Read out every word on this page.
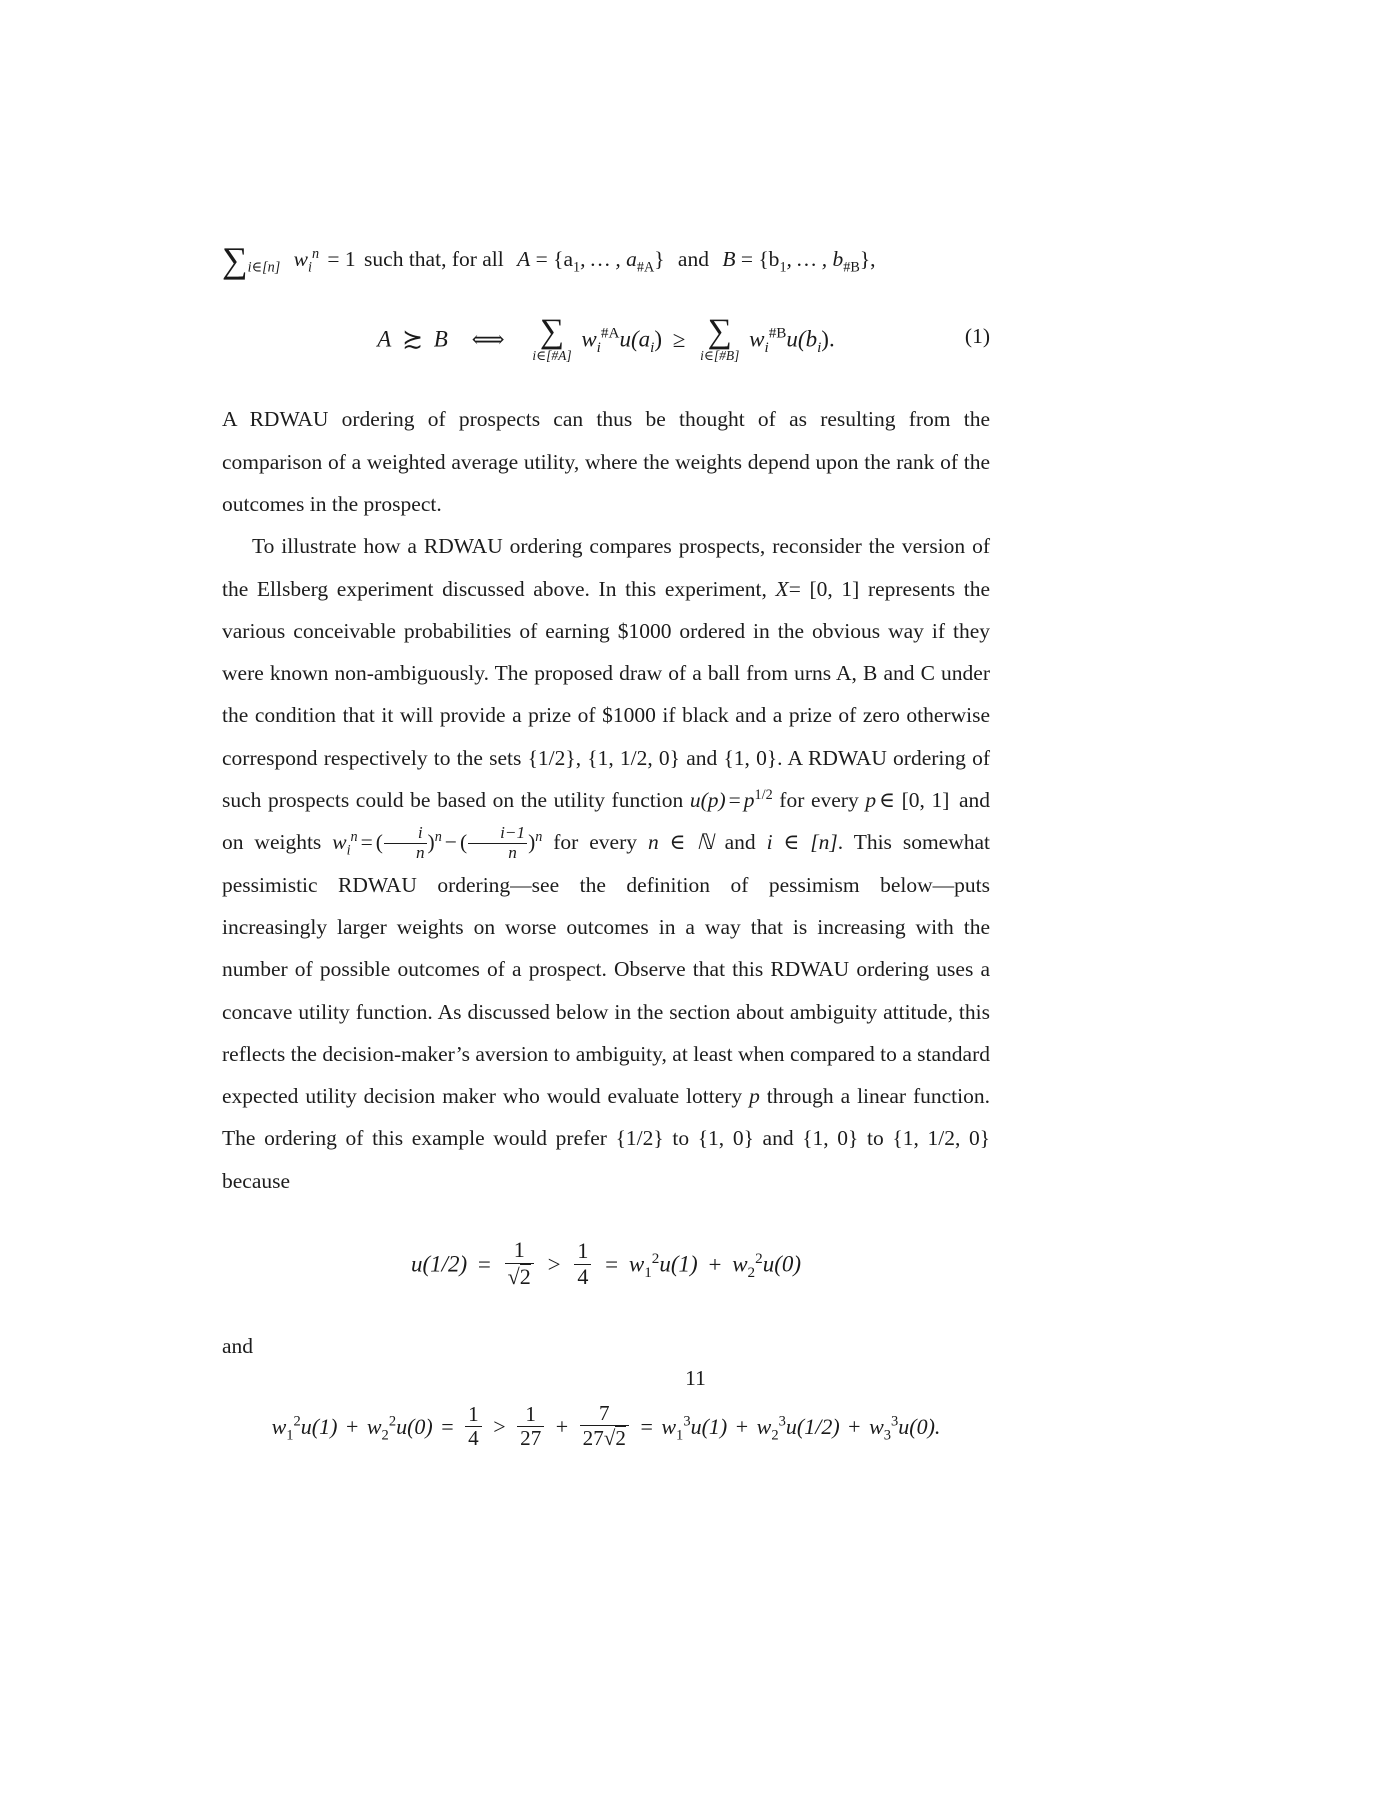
$\sum_{i\in[n]}$ $w_i^n = 1$ such that, for all $A = \{a_1$, … , $a_{\#A}$} and $B = \{b_1$, … , $b_{\#B}$},
A ≿ B ⟺ ∑
i∈[#A]
$w_i^{\#A}u(a_i)$ ≥ ∑
i∈[#B]
$w_i^{\#B}u(b_i)$.	(1)

A RDWAU ordering of prospects can thus be thought of as resulting from the comparison of a weighted average utility, where the weights depend upon the rank of the outcomes in the prospect.

To illustrate how a RDWAU ordering compares prospects, reconsider the version of the Ellsberg experiment discussed above. In this experiment, X= [0, 1] represents the various conceivable probabilities of earning $1000 ordered in the obvious way if they were known non-ambiguously. The proposed draw of a ball from urns A, B and C under the condition that it will provide a prize of $1000 if black and a prize of zero otherwise correspond respectively to the sets {1/2}, {1, 1/2, 0} and {1, 0}. A RDWAU ordering of such prospects could be based on the utility function $u(p) = p^{1/2}$ for every p ∈ [0, 1] and on weights $w_i^n$ = ( $\frac{i}{n} )^n$ − ( $\frac{i-1}{n} )^n$ for every n ∈ ℕ and i ∈ [n]. This somewhat pessimistic RDWAU ordering—see the definition of pessimism below—puts increasingly larger weights on worse outcomes in a way that is increasing with the number of possible outcomes of a prospect. Observe that this RDWAU ordering uses a concave utility function. As discussed below in the section about ambiguity attitude, this reflects the decision-maker’s aversion to ambiguity, at least when compared to a standard expected utility decision maker who would evaluate lottery p through a linear function. The ordering of this example would prefer {1/2} to {1, 0} and {1, 0} to {1, 1/2, 0} because

$u(1/2) = \frac{1}{√2} > \frac{1}{4} = w_1^2u(1) + w_2^2u(0)$

and

$w_1^2u(1) + w_2^2u(0) = \frac{1}{4} > \frac{1}{27} + \frac{7}{27√2} = w_1^3u(1) + w_2^3u(1/2) + w_3^3u(0)$.
11
